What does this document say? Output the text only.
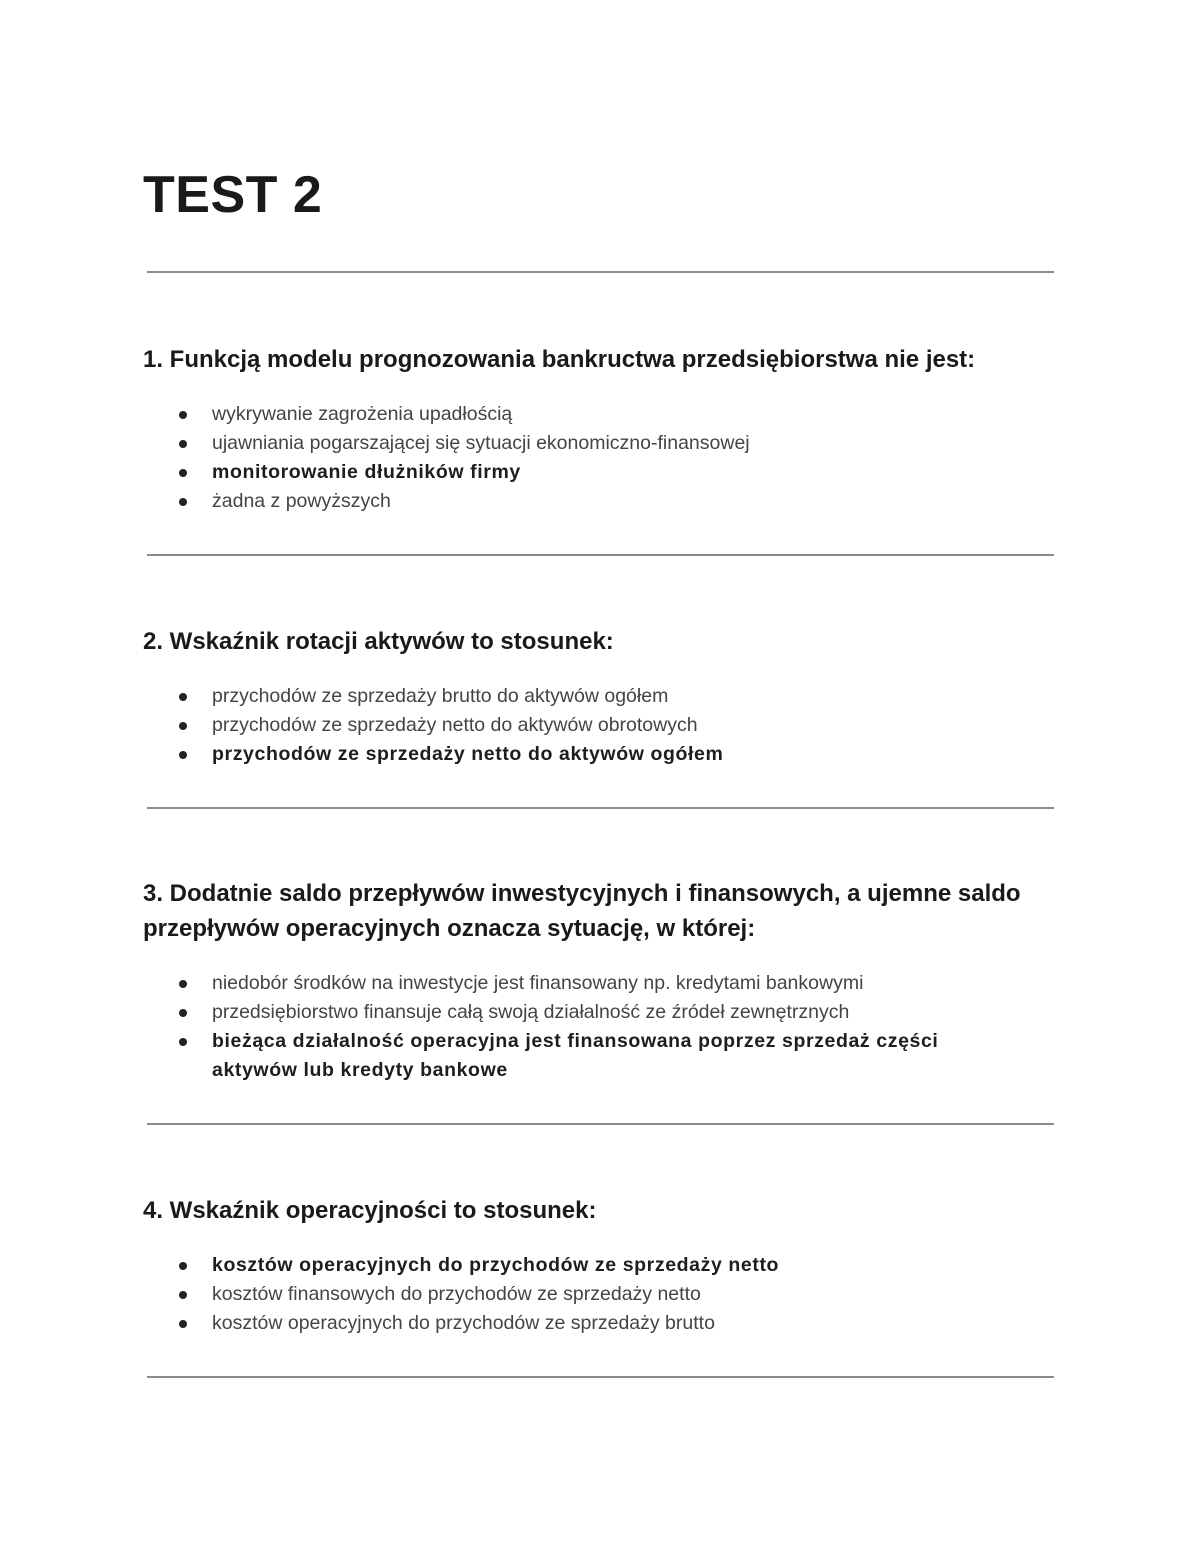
TEST 2
1. Funkcją modelu prognozowania bankructwa przedsiębiorstwa nie jest:
wykrywanie zagrożenia upadłością
ujawniania pogarszającej się sytuacji ekonomiczno-finansowej
monitorowanie dłużników firmy
żadna z powyższych
2. Wskaźnik rotacji aktywów to stosunek:
przychodów ze sprzedaży brutto do aktywów ogółem
przychodów ze sprzedaży netto do aktywów obrotowych
przychodów ze sprzedaży netto do aktywów ogółem
3. Dodatnie saldo przepływów inwestycyjnych i finansowych, a ujemne saldo przepływów operacyjnych oznacza sytuację, w której:
niedobór środków na inwestycje jest finansowany np. kredytami bankowymi
przedsiębiorstwo finansuje całą swoją działalność ze źródeł zewnętrznych
bieżąca działalność operacyjna jest finansowana poprzez sprzedaż części aktywów lub kredyty bankowe
4. Wskaźnik operacyjności to stosunek:
kosztów operacyjnych do przychodów ze sprzedaży netto
kosztów finansowych do przychodów ze sprzedaży netto
kosztów operacyjnych do przychodów ze sprzedaży brutto
